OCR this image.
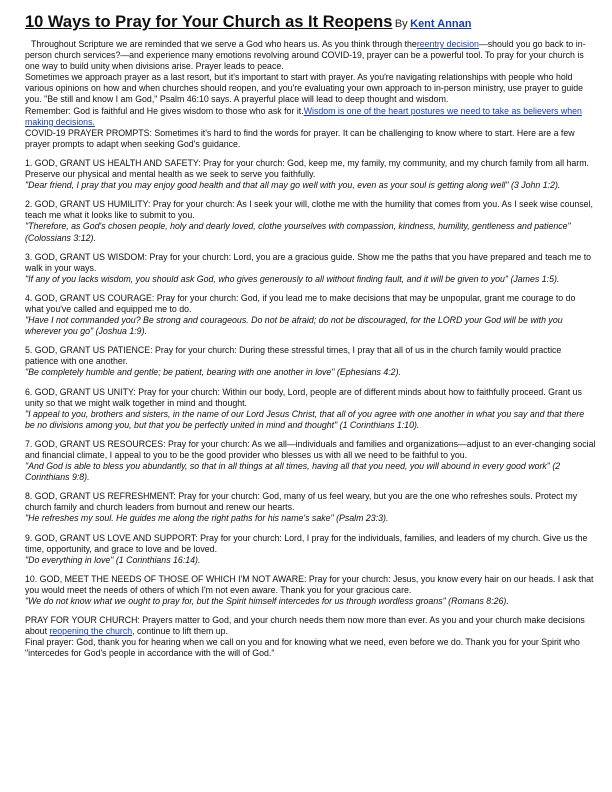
10 Ways to Pray for Your Church as It Reopens By Kent Annan

Throughout Scripture we are reminded that we serve a God who hears us. As you think through thereentry decision—should you go back to in-person church services?—and experience many emotions revolving around COVID-19, prayer can be a powerful tool. To pray for your church is one way to build unity when divisions arise. Prayer leads to peace.

Sometimes we approach prayer as a last resort, but it's important to start with prayer. As you're navigating relationships with people who hold various opinions on how and when churches should reopen, and you're evaluating your own approach to in-person ministry, use prayer to guide you. "Be still and know I am God," Psalm 46:10 says. A prayerful place will lead to deep thought and wisdom.

Remember: God is faithful and He gives wisdom to those who ask for it.Wisdom is one of the heart postures we need to take as believers when making decisions.

COVID-19 PRAYER PROMPTS: Sometimes it's hard to find the words for prayer. It can be challenging to know where to start. Here are a few prayer prompts to adapt when seeking God's guidance.

1. GOD, GRANT US HEALTH AND SAFETY: Pray for your church: God, keep me, my family, my community, and my church family from all harm. Preserve our physical and mental health as we seek to serve you faithfully.

"Dear friend, I pray that you may enjoy good health and that all may go well with you, even as your soul is getting along well" (3 John 1:2).

2. GOD, GRANT US HUMILITY: Pray for your church: As I seek your will, clothe me with the humility that comes from you. As I seek wise counsel, teach me what it looks like to submit to you.

"Therefore, as God's chosen people, holy and dearly loved, clothe yourselves with compassion, kindness, humility, gentleness and patience" (Colossians 3:12).

3. GOD, GRANT US WISDOM: Pray for your church: Lord, you are a gracious guide. Show me the paths that you have prepared and teach me to walk in your ways.

"If any of you lacks wisdom, you should ask God, who gives generously to all without finding fault, and it will be given to you" (James 1:5).

4. GOD, GRANT US COURAGE: Pray for your church: God, if you lead me to make decisions that may be unpopular, grant me courage to do what you've called and equipped me to do.

"Have I not commanded you? Be strong and courageous. Do not be afraid; do not be discouraged, for the LORD your God will be with you wherever you go" (Joshua 1:9).

5. GOD, GRANT US PATIENCE: Pray for your church: During these stressful times, I pray that all of us in the church family would practice patience with one another.

"Be completely humble and gentle; be patient, bearing with one another in love" (Ephesians 4:2).

6. GOD, GRANT US UNITY: Pray for your church: Within our body, Lord, people are of different minds about how to faithfully proceed. Grant us unity so that we might walk together in mind and thought.

"I appeal to you, brothers and sisters, in the name of our Lord Jesus Christ, that all of you agree with one another in what you say and that there be no divisions among you, but that you be perfectly united in mind and thought" (1 Corinthians 1:10).

7. GOD, GRANT US RESOURCES: Pray for your church: As we all—individuals and families and organizations—adjust to an ever-changing social and financial climate, I appeal to you to be the good provider who blesses us with all we need to be faithful to you.

"And God is able to bless you abundantly, so that in all things at all times, having all that you need, you will abound in every good work" (2 Corinthians 9:8).

8. GOD, GRANT US REFRESHMENT: Pray for your church: God, many of us feel weary, but you are the one who refreshes souls. Protect my church family and church leaders from burnout and renew our hearts.

"He refreshes my soul. He guides me along the right paths for his name's sake" (Psalm 23:3).

9. GOD, GRANT US LOVE AND SUPPORT: Pray for your church: Lord, I pray for the individuals, families, and leaders of my church. Give us the time, opportunity, and grace to love and be loved.

"Do everything in love" (1 Corinthians 16:14).

10. GOD, MEET THE NEEDS OF THOSE OF WHICH I'M NOT AWARE: Pray for your church: Jesus, you know every hair on our heads. I ask that you would meet the needs of others of which I'm not even aware. Thank you for your gracious care.

"We do not know what we ought to pray for, but the Spirit himself intercedes for us through wordless groans" (Romans 8:26).

PRAY FOR YOUR CHURCH: Prayers matter to God, and your church needs them now more than ever. As you and your church make decisions about reopening the church, continue to lift them up.

Final prayer: God, thank you for hearing when we call on you and for knowing what we need, even before we do. Thank you for your Spirit who "intercedes for God's people in accordance with the will of God."
